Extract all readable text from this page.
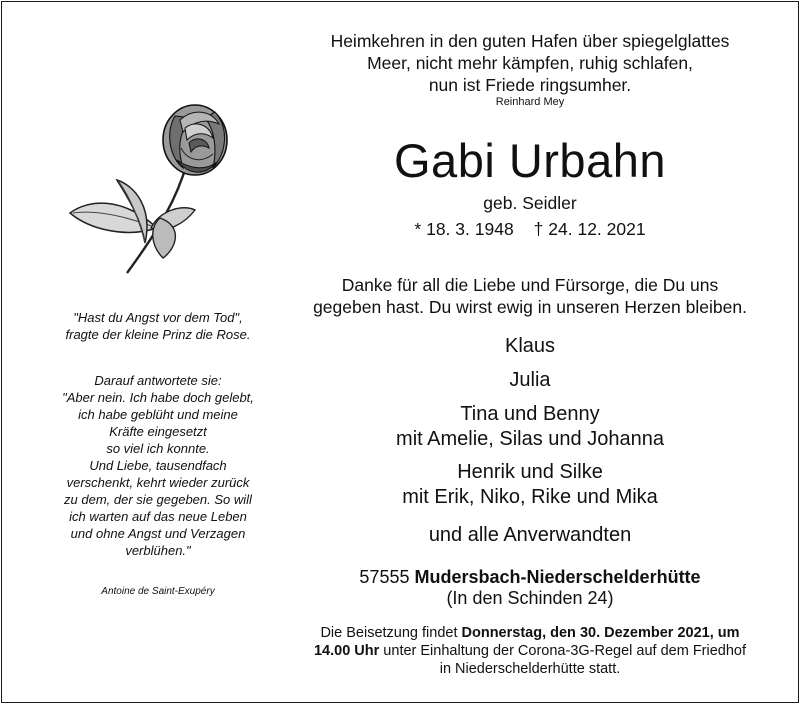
"Hast du Angst vor dem Tod",
fragte der kleine Prinz die Rose.
Darauf antwortete sie:
"Aber nein. Ich habe doch gelebt,
ich habe geblüht und meine
Kräfte eingesetzt
so viel ich konnte.
Und Liebe, tausendfach
verschenkt, kehrt wieder zurück
zu dem, der sie gegeben. So will
ich warten auf das neue Leben
und ohne Angst und Verzagen
verblühen."
Antoine de Saint-Exupéry
Heimkehren in den guten Hafen über spiegelglattes
Meer, nicht mehr kämpfen, ruhig schlafen,
nun ist Friede ringsumher.
Reinhard Mey
Gabi Urbahn
geb. Seidler
* 18. 3. 1948 † 24. 12. 2021
Danke für all die Liebe und Fürsorge, die Du uns
gegeben hast. Du wirst ewig in unseren Herzen bleiben.
Klaus
Julia
Tina und Benny
mit Amelie, Silas und Johanna
Henrik und Silke
mit Erik, Niko, Rike und Mika
und alle Anverwandten
57555 Mudersbach-Niederschelderhütte
(In den Schinden 24)
Die Beisetzung findet Donnerstag, den 30. Dezember 2021, um
14.00 Uhr unter Einhaltung der Corona-3G-Regel auf dem Friedhof
in Niederschelderhütte statt.
